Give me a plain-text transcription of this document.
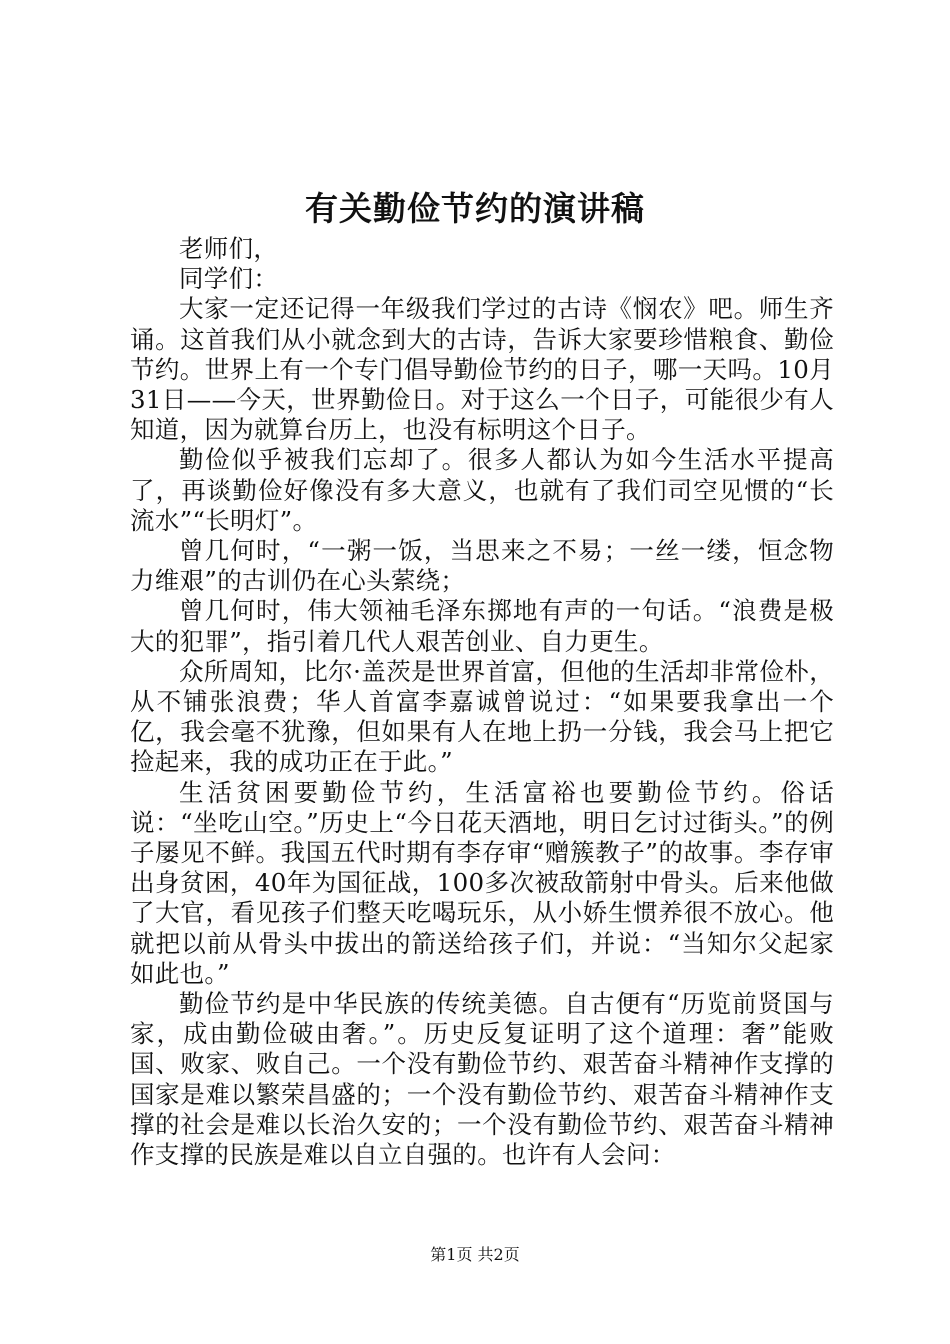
有关勤俭节约的演讲稿

老师们，

同学们：

大家一定还记得一年级我们学过的古诗《悯农》吧。师生齐诵。这首我们从小就念到大的古诗，告诉大家要珍惜粮食、勤俭节约。世界上有一个专门倡导勤俭节约的日子，哪一天吗。10月31日——今天，世界勤俭日。对于这么一个日子，可能很少有人知道，因为就算台历上，也没有标明这个日子。

勤俭似乎被我们忘却了。很多人都认为如今生活水平提高了，再谈勤俭好像没有多大意义，也就有了我们司空见惯的“长流水”“长明灯”。

曾几何时，“一粥一饭，当思来之不易；一丝一缕，恒念物力维艰”的古训仍在心头萦绕；

曾几何时，伟大领袖毛泽东掷地有声的一句话。“浪费是极大的犯罪”，指引着几代人艰苦创业、自力更生。

众所周知，比尔·盖茨是世界首富，但他的生活却非常俭朴，从不铺张浪费；华人首富李嘉诚曾说过：“如果要我拿出一个亿，我会毫不犹豫，但如果有人在地上扔一分钱，我会马上把它捡起来，我的成功正在于此。”

生活贫困要勤俭节约，生活富裕也要勤俭节约。俗话说：“坐吃山空。”历史上“今日花天酒地，明日乞讨过街头。”的例子屡见不鲜。我国五代时期有李存审“赠簇教子”的故事。李存审出身贫困，40年为国征战，100多次被敌箭射中骨头。后来他做了大官，看见孩子们整天吃喝玩乐，从小娇生惯养很不放心。他就把以前从骨头中拔出的箭送给孩子们，并说：“当知尔父起家如此也。”

勤俭节约是中华民族的传统美德。自古便有“历览前贤国与家，成由勤俭破由奢。”。历史反复证明了这个道理：奢”能败国、败家、败自己。一个没有勤俭节约、艰苦奋斗精神作支撑的国家是难以繁荣昌盛的；一个没有勤俭节约、艰苦奋斗精神作支撑的社会是难以长治久安的；一个没有勤俭节约、艰苦奋斗精神作支撑的民族是难以自立自强的。也许有人会问：

第1页 共2页
